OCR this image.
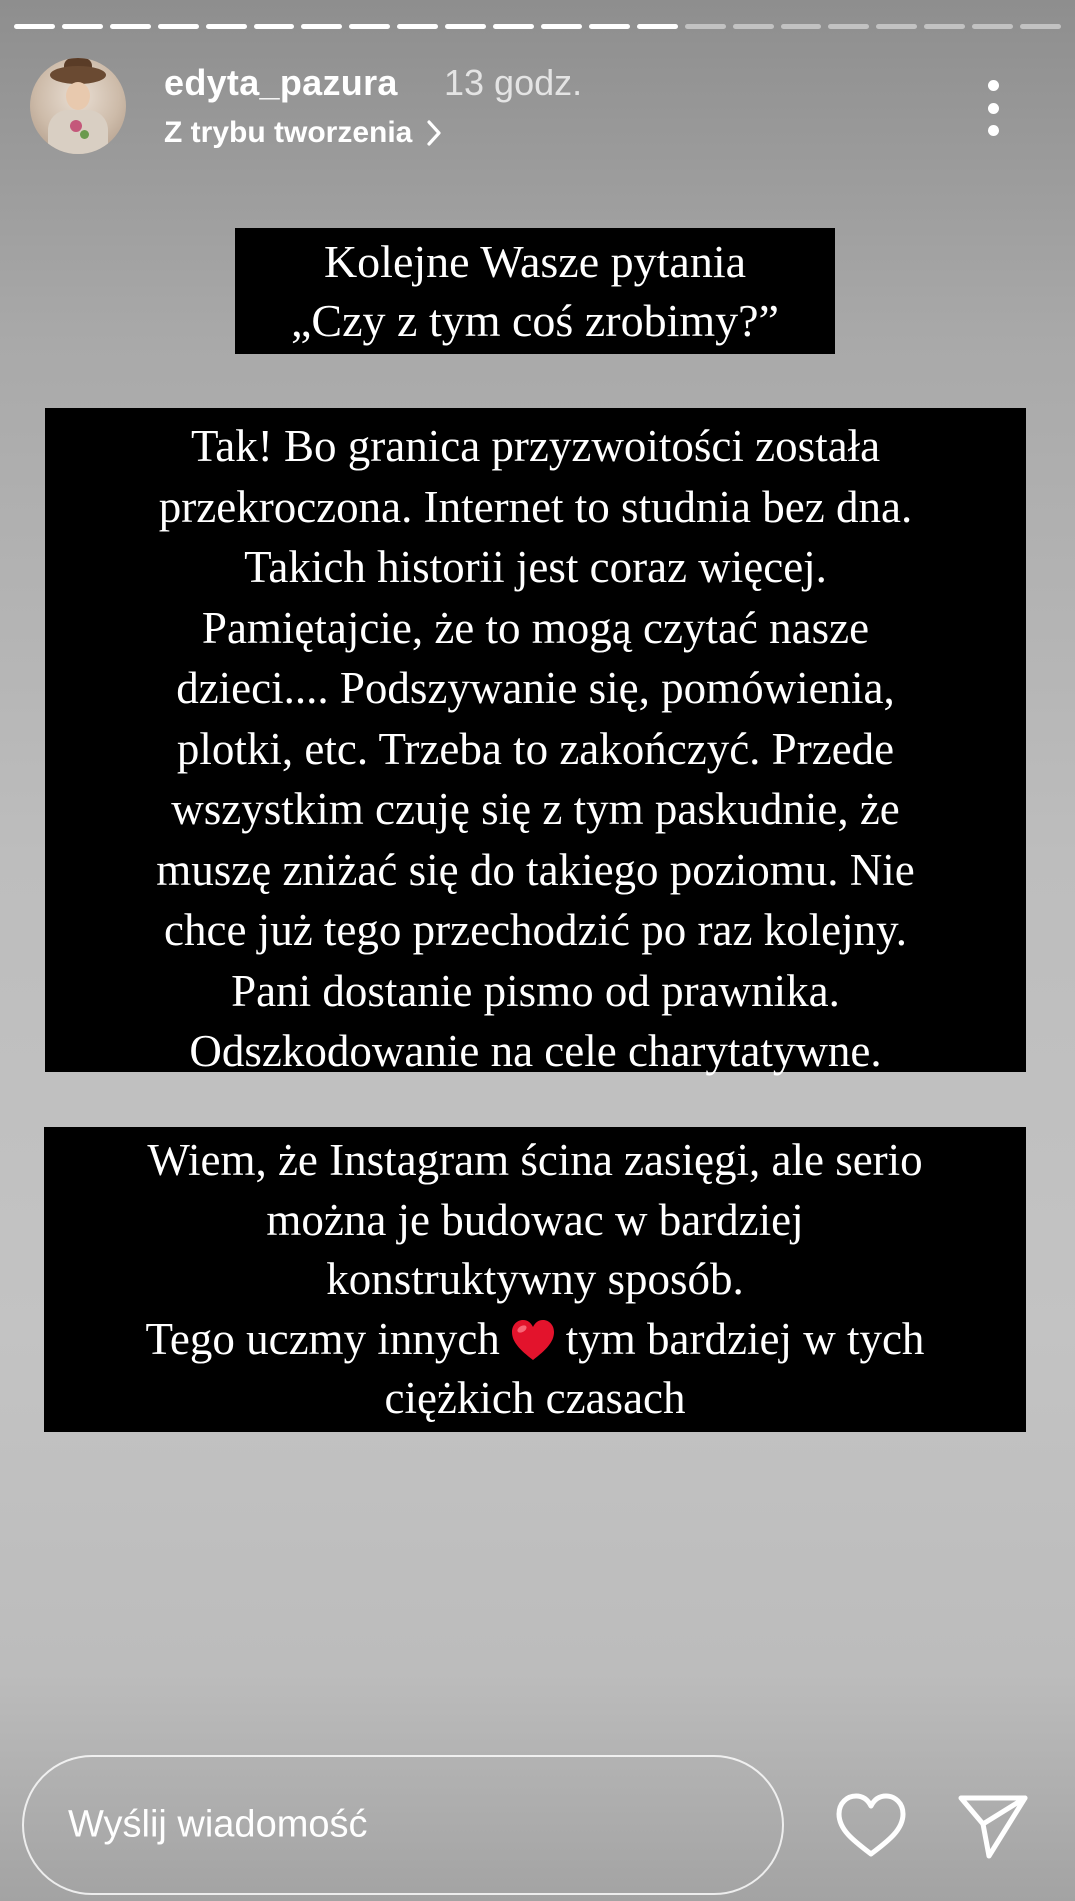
edyta_pazura 13 godz.
Z trybu tworzenia

Kolejne Wasze pytania
„Czy z tym coś zrobimy?”

Tak! Bo granica przyzwoitości została
przekroczona. Internet to studnia bez dna.
Takich historii jest coraz więcej.
Pamiętajcie, że to mogą czytać nasze
dzieci.... Podszywanie się, pomówienia,
plotki, etc. Trzeba to zakończyć. Przede
wszystkim czuję się z tym paskudnie, że
muszę zniżać się do takiego poziomu. Nie
chce już tego przechodzić po raz kolejny.
Pani dostanie pismo od prawnika.
Odszkodowanie na cele charytatywne.

Wiem, że Instagram ścina zasięgi, ale serio
można je budowac w bardziej
konstruktywny sposób.
Tego uczmy innych tym bardziej w tych
ciężkich czasach
Wyślij wiadomość
